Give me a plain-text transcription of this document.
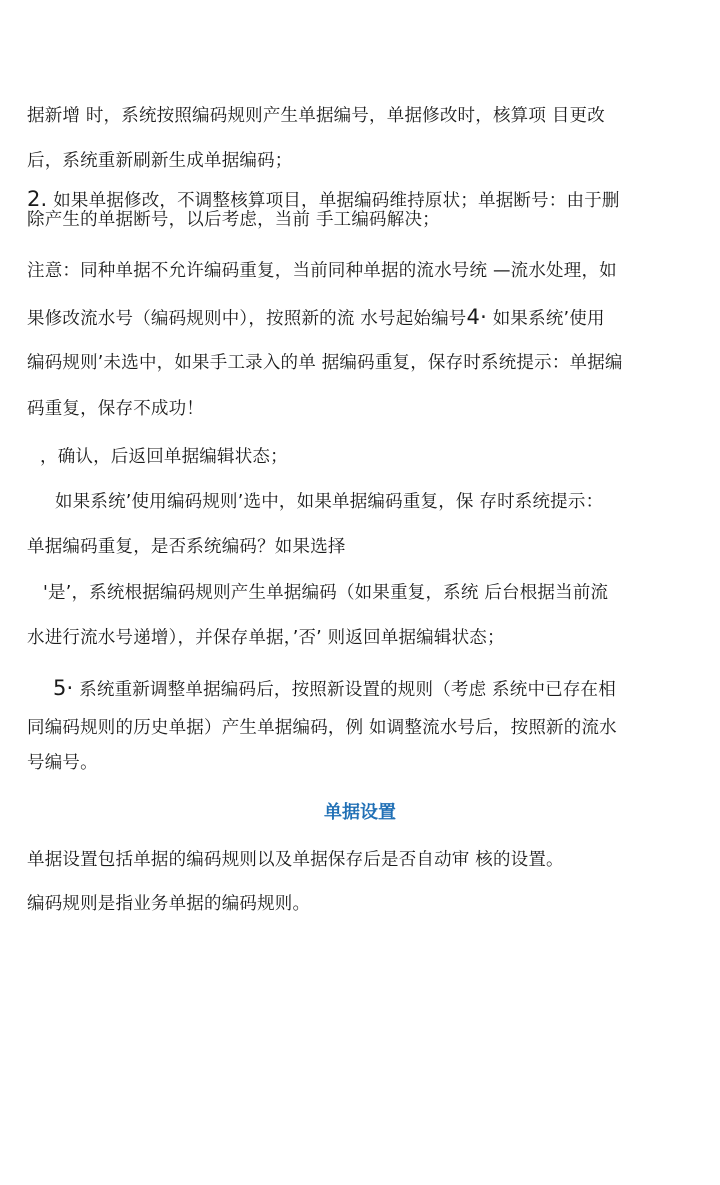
据新增 时，系统按照编码规则产生单据编号，单据修改时，核算项 目更改
后，系统重新刷新生成单据编码；
2. 如果单据修改，不调整核算项目，单据编码维持原状；单据断号：由于删
除产生的单据断号，以后考虑，当前 手工编码解决；
注意：同种单据不允许编码重复，当前同种单据的流水号统 —流水处理，如
果修改流水号（编码规则中），按照新的流 水号起始编号4· 如果系统’使用
编码规则’未选中，如果手工录入的单 据编码重复，保存时系统提示：单据编
码重复，保存不成功！
，确认，后返回单据编辑状态；
如果系统’使用编码规则’选中，如果单据编码重复，保 存时系统提示：
单据编码重复，是否系统编码？如果选择
'是’，系统根据编码规则产生单据编码（如果重复，系统 后台根据当前流
水进行流水号递增），并保存单据，’否’ 则返回单据编辑状态；
5· 系统重新调整单据编码后，按照新设置的规则（考虑 系统中已存在相
同编码规则的历史单据）产生单据编码，例 如调整流水号后，按照新的流水
号编号。
单据设置
单据设置包括单据的编码规则以及单据保存后是否自动审 核的设置。
编码规则是指业务单据的编码规则。
